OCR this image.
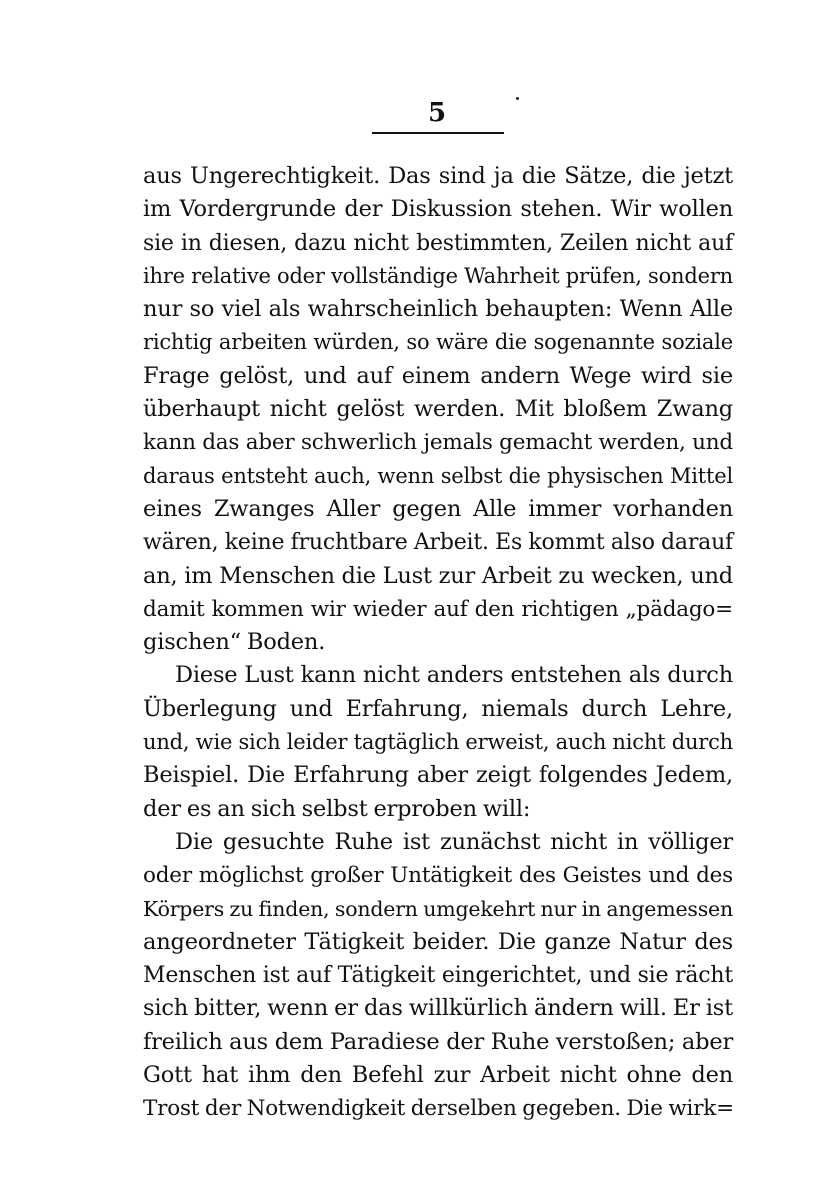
5
aus Ungerechtigkeit. Das sind ja die Sätze, die jetzt
im Vordergrunde der Diskussion stehen. Wir wollen
sie in diesen, dazu nicht bestimmten, Zeilen nicht auf
ihre relative oder vollständige Wahrheit prüfen, sondern
nur so viel als wahrscheinlich behaupten: Wenn Alle
richtig arbeiten würden, so wäre die sogenannte soziale
Frage gelöst, und auf einem andern Wege wird sie
überhaupt nicht gelöst werden. Mit bloßem Zwang
kann das aber schwerlich jemals gemacht werden, und
daraus entsteht auch, wenn selbst die physischen Mittel
eines Zwanges Aller gegen Alle immer vorhanden
wären, keine fruchtbare Arbeit. Es kommt also darauf
an, im Menschen die Lust zur Arbeit zu wecken, und
damit kommen wir wieder auf den richtigen „pädago=
gischen“ Boden.
Diese Lust kann nicht anders entstehen als durch
Überlegung und Erfahrung, niemals durch Lehre,
und, wie sich leider tagtäglich erweist, auch nicht durch
Beispiel. Die Erfahrung aber zeigt folgendes Jedem,
der es an sich selbst erproben will:
Die gesuchte Ruhe ist zunächst nicht in völliger
oder möglichst großer Untätigkeit des Geistes und des
Körpers zu finden, sondern umgekehrt nur in angemessen
angeordneter Tätigkeit beider. Die ganze Natur des
Menschen ist auf Tätigkeit eingerichtet, und sie rächt
sich bitter, wenn er das willkürlich ändern will. Er ist
freilich aus dem Paradiese der Ruhe verstoßen; aber
Gott hat ihm den Befehl zur Arbeit nicht ohne den
Trost der Notwendigkeit derselben gegeben. Die wirk=
